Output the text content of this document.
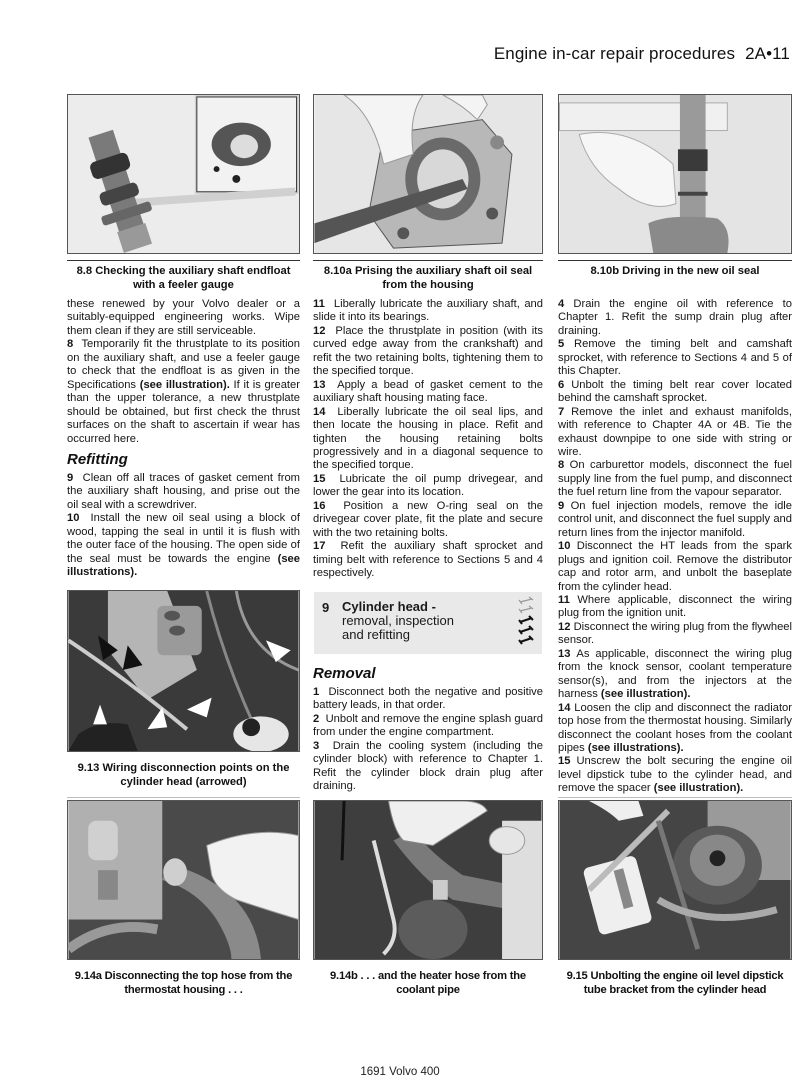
Engine in-car repair procedures 2A•11
8.8 Checking the auxiliary shaft endfloat
with a feeler gauge
8.10a Prising the auxiliary shaft oil seal
from the housing
8.10b Driving in the new oil seal

these renewed by your Volvo dealer or a suitably-equipped engineering works. Wipe them clean if they are still serviceable.

8 Temporarily fit the thrustplate to its position on the auxiliary shaft, and use a feeler gauge to check that the endfloat is as given in the Specifications (see illustration). If it is greater than the upper tolerance, a new thrustplate should be obtained, but first check the thrust surfaces on the shaft to ascertain if wear has occurred here.

Refitting

9 Clean off all traces of gasket cement from the auxiliary shaft housing, and prise out the oil seal with a screwdriver.

10 Install the new oil seal using a block of wood, tapping the seal in until it is flush with the outer face of the housing. The open side of the seal must be towards the engine (see illustrations).

9.13 Wiring disconnection points on the
cylinder head (arrowed)

11 Liberally lubricate the auxiliary shaft, and slide it into its bearings.

12 Place the thrustplate in position (with its curved edge away from the crankshaft) and refit the two retaining bolts, tightening them to the specified torque.

13 Apply a bead of gasket cement to the auxiliary shaft housing mating face.

14 Liberally lubricate the oil seal lips, and then locate the housing in place. Refit and tighten the housing retaining bolts progressively and in a diagonal sequence to the specified torque.

15 Lubricate the oil pump drivegear, and lower the gear into its location.

16 Position a new O-ring seal on the drivegear cover plate, fit the plate and secure with the two retaining bolts.

17 Refit the auxiliary shaft sprocket and timing belt with reference to Sections 5 and 4 respectively.

9 Cylinder head -
removal, inspection
and refitting
Removal

1 Disconnect both the negative and positive battery leads, in that order.

2 Unbolt and remove the engine splash guard from under the engine compartment.

3 Drain the cooling system (including the cylinder block) with reference to Chapter 1. Refit the cylinder block drain plug after draining.

4 Drain the engine oil with reference to Chapter 1. Refit the sump drain plug after draining.

5 Remove the timing belt and camshaft sprocket, with reference to Sections 4 and 5 of this Chapter.

6 Unbolt the timing belt rear cover located behind the camshaft sprocket.

7 Remove the inlet and exhaust manifolds, with reference to Chapter 4A or 4B. Tie the exhaust downpipe to one side with string or wire.

8 On carburettor models, disconnect the fuel supply line from the fuel pump, and disconnect the fuel return line from the vapour separator.

9 On fuel injection models, remove the idle control unit, and disconnect the fuel supply and return lines from the injector manifold.

10 Disconnect the HT leads from the spark plugs and ignition coil. Remove the distributor cap and rotor arm, and unbolt the baseplate from the cylinder head.

11 Where applicable, disconnect the wiring plug from the ignition unit.

12 Disconnect the wiring plug from the flywheel sensor.

13 As applicable, disconnect the wiring plug from the knock sensor, coolant temperature sensor(s), and from the injectors at the harness (see illustration).

14 Loosen the clip and disconnect the radiator top hose from the thermostat housing. Similarly disconnect the coolant hoses from the coolant pipes (see illustrations).

15 Unscrew the bolt securing the engine oil level dipstick tube to the cylinder head, and remove the spacer (see illustration).

9.14a Disconnecting the top hose from the
thermostat housing . . .
9.14b . . . and the heater hose from the
coolant pipe
9.15 Unbolting the engine oil level dipstick
tube bracket from the cylinder head
1691 Volvo 400
